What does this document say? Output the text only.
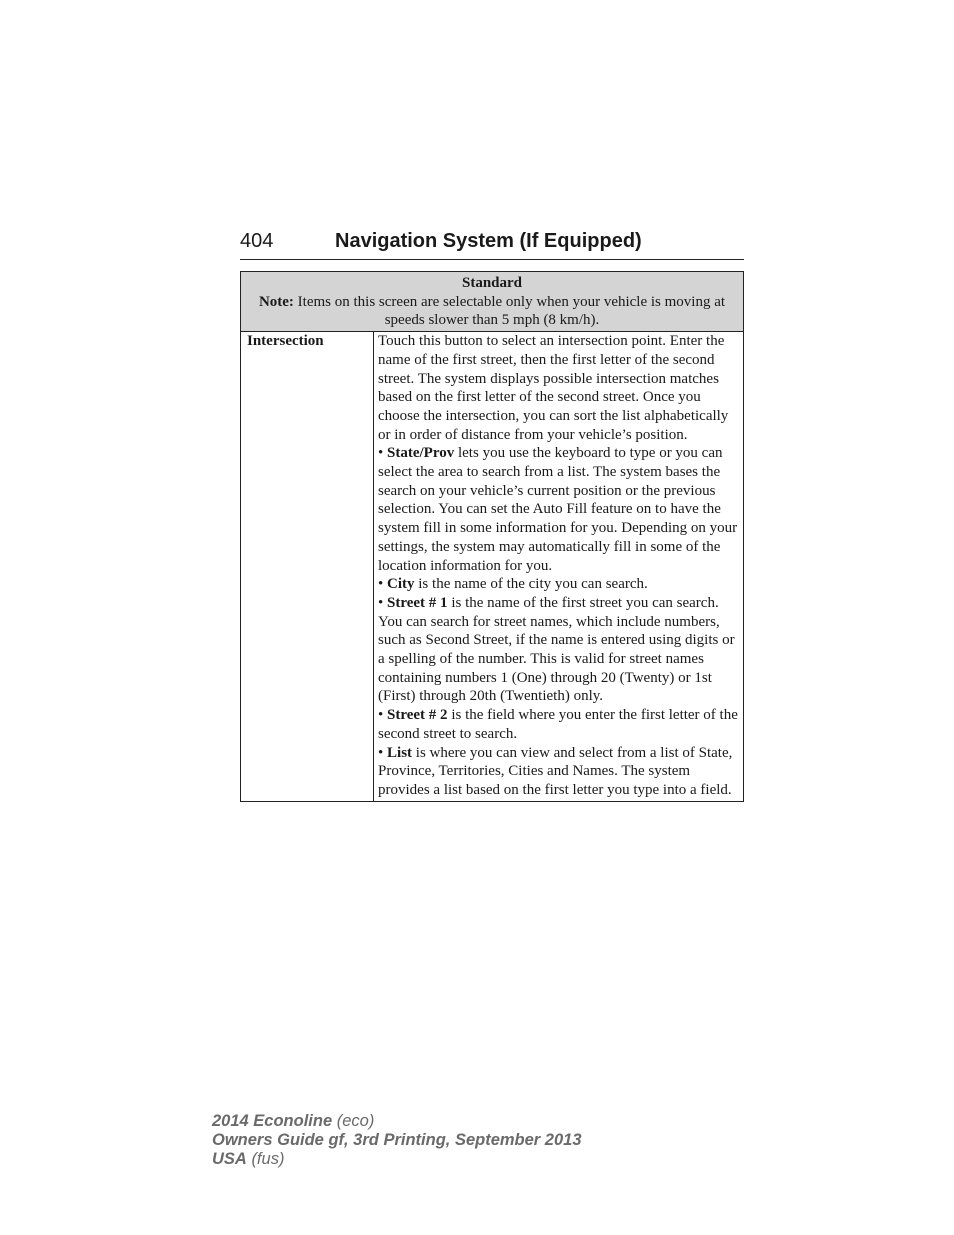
404	Navigation System (If Equipped)
Standard
Note: Items on this screen are selectable only when your vehicle is moving at speeds slower than 5 mph (8 km/h).

Intersection	Touch this button to select an intersection point. Enter the name of the first street, then the first letter of the second street. The system displays possible intersection matches based on the first letter of the second street. Once you choose the intersection, you can sort the list alphabetically or in order of distance from your vehicle’s position.

• State/Prov lets you use the keyboard to type or you can select the area to search from a list. The system bases the search on your vehicle’s current position or the previous selection. You can set the Auto Fill feature on to have the system fill in some information for you. Depending on your settings, the system may automatically fill in some of the location information for you.

• City is the name of the city you can search.

• Street # 1 is the name of the first street you can search. You can search for street names, which include numbers, such as Second Street, if the name is entered using digits or a spelling of the number. This is valid for street names containing numbers 1 (One) through 20 (Twenty) or 1st (First) through 20th (Twentieth) only.

• Street # 2 is the field where you enter the first letter of the second street to search.

• List is where you can view and select from a list of State, Province, Territories, Cities and Names. The system provides a list based on the first letter you type into a field.

2014 Econoline (eco)
Owners Guide gf, 3rd Printing, September 2013
USA (fus)
